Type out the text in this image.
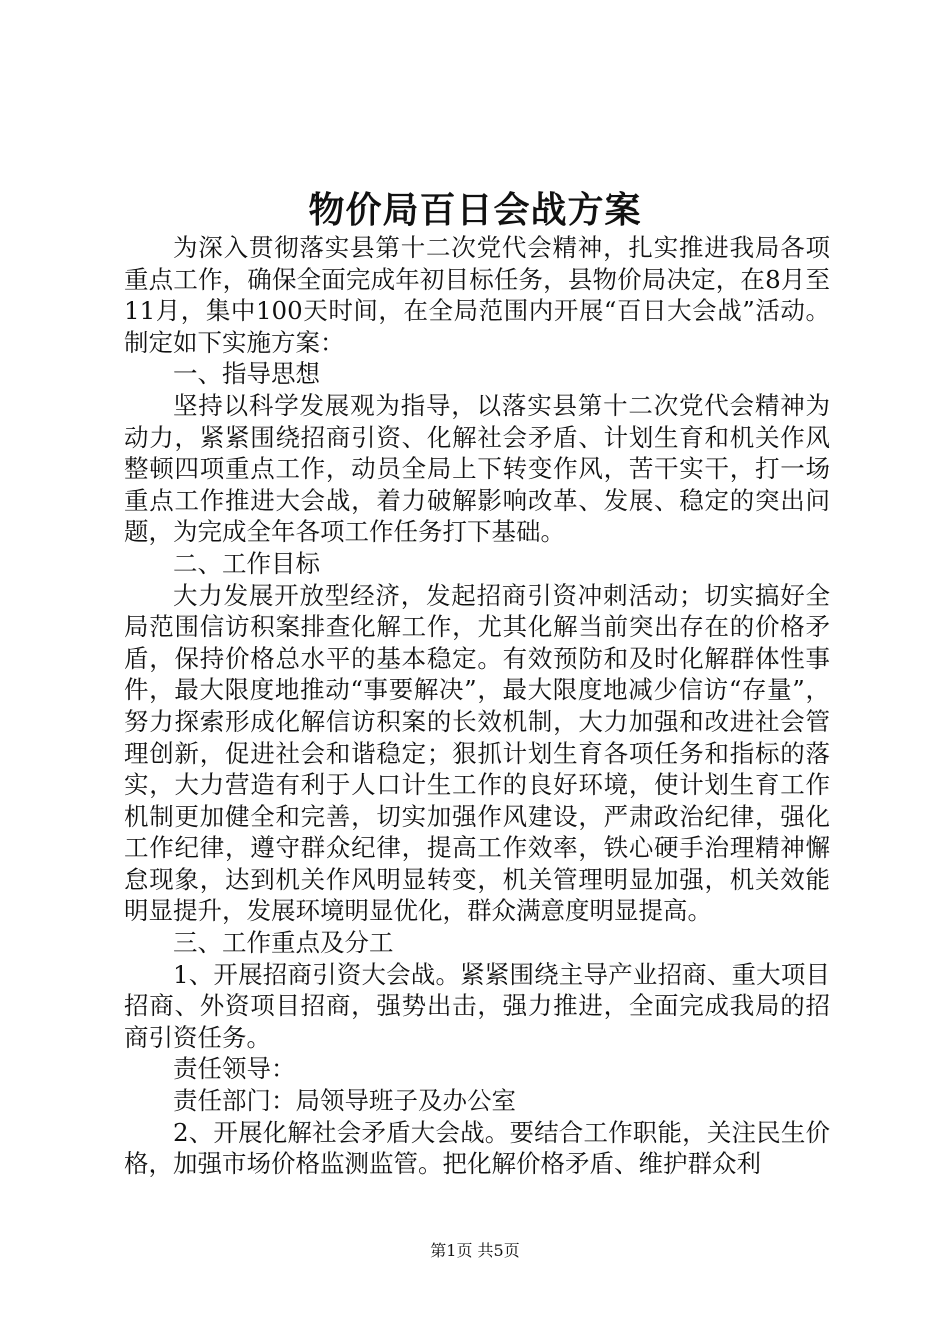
物价局百日会战方案

为深入贯彻落实县第十二次党代会精神，扎实推进我局各项重点工作，确保全面完成年初目标任务，县物价局决定，在8月至11月，集中100天时间，在全局范围内开展“百日大会战”活动。制定如下实施方案：

一、指导思想

坚持以科学发展观为指导，以落实县第十二次党代会精神为动力，紧紧围绕招商引资、化解社会矛盾、计划生育和机关作风整顿四项重点工作，动员全局上下转变作风，苦干实干，打一场重点工作推进大会战，着力破解影响改革、发展、稳定的突出问题，为完成全年各项工作任务打下基础。

二、工作目标

大力发展开放型经济，发起招商引资冲刺活动；切实搞好全局范围信访积案排查化解工作，尤其化解当前突出存在的价格矛盾，保持价格总水平的基本稳定。有效预防和及时化解群体性事件，最大限度地推动“事要解决”，最大限度地减少信访“存量”，努力探索形成化解信访积案的长效机制，大力加强和改进社会管理创新，促进社会和谐稳定；狠抓计划生育各项任务和指标的落实，大力营造有利于人口计生工作的良好环境，使计划生育工作机制更加健全和完善，切实加强作风建设，严肃政治纪律，强化工作纪律，遵守群众纪律，提高工作效率，铁心硬手治理精神懈怠现象，达到机关作风明显转变，机关管理明显加强，机关效能明显提升，发展环境明显优化，群众满意度明显提高。

三、工作重点及分工

1、开展招商引资大会战。紧紧围绕主导产业招商、重大项目招商、外资项目招商，强势出击，强力推进，全面完成我局的招商引资任务。

责任领导：

责任部门：局领导班子及办公室

2、开展化解社会矛盾大会战。要结合工作职能，关注民生价格，加强市场价格监测监管。把化解价格矛盾、维护群众利

第1页 共5页
